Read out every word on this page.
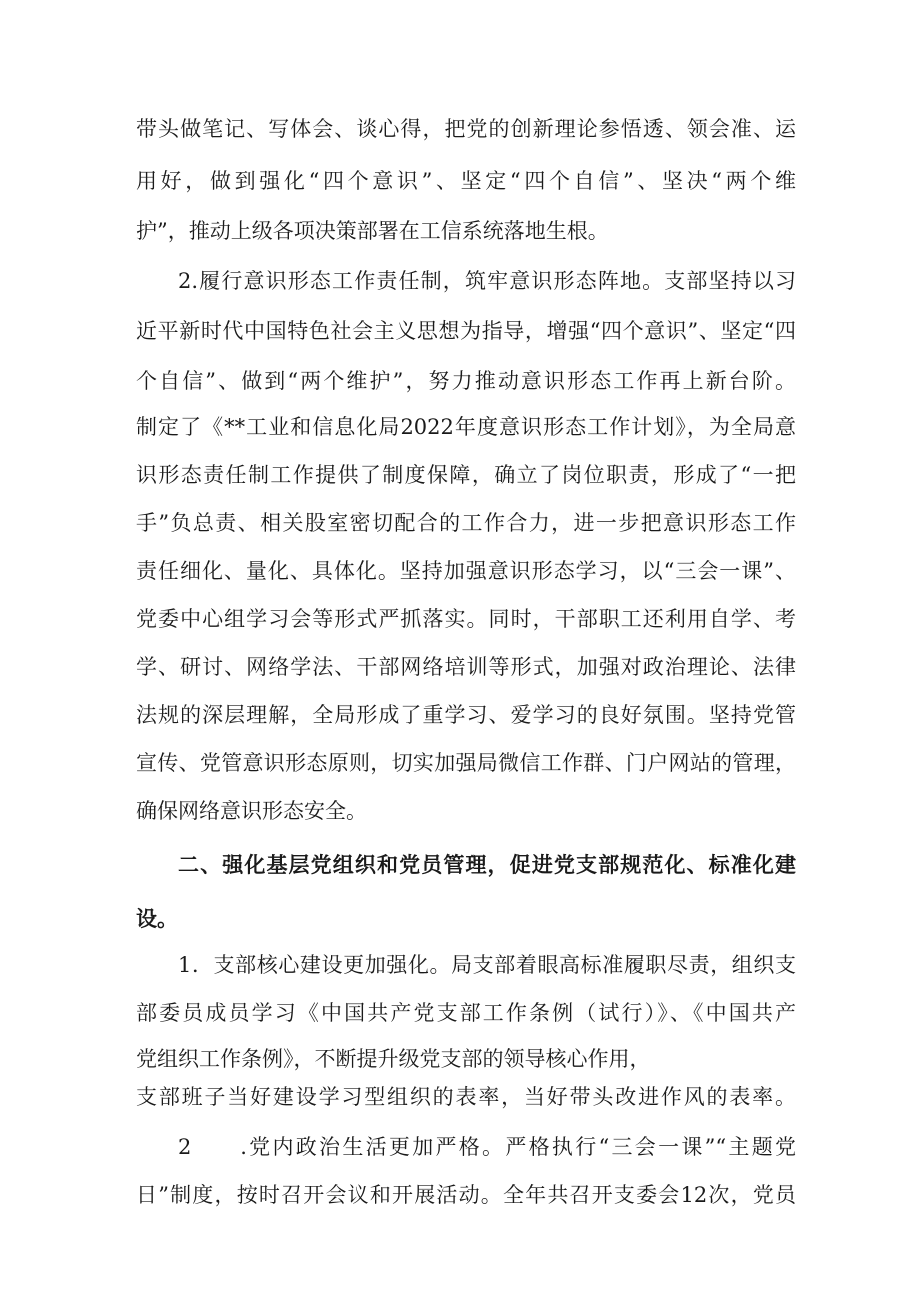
带头做笔记、写体会、谈心得，把党的创新理论参悟透、领会准、运
用好，做到强化“四个意识”、坚定“四个自信”、坚决“两个维
护”，推动上级各项决策部署在工信系统落地生根。
2.履行意识形态工作责任制，筑牢意识形态阵地。支部坚持以习
近平新时代中国特色社会主义思想为指导，增强“四个意识”、坚定“四
个自信”、做到“两个维护”，努力推动意识形态工作再上新台阶。
制定了《**工业和信息化局2022年度意识形态工作计划》，为全局意
识形态责任制工作提供了制度保障，确立了岗位职责，形成了“一把
手”负总责、相关股室密切配合的工作合力，进一步把意识形态工作
责任细化、量化、具体化。坚持加强意识形态学习，以“三会一课”、
党委中心组学习会等形式严抓落实。同时，干部职工还利用自学、考
学、研讨、网络学法、干部网络培训等形式，加强对政治理论、法律
法规的深层理解，全局形成了重学习、爱学习的良好氛围。坚持党管
宣传、党管意识形态原则，切实加强局微信工作群、门户网站的管理，
确保网络意识形态安全。
二、强化基层党组织和党员管理，促进党支部规范化、标准化建
设。
1．支部核心建设更加强化。局支部着眼高标准履职尽责，组织支
部委员成员学习《中国共产党支部工作条例（试行）》、《中国共产
党组织工作条例》，不断提升级党支部的领导核心作用，
支部班子当好建设学习型组织的表率，当好带头改进作风的表率。
2　　.党内政治生活更加严格。严格执行“三会一课”“主题党
日”制度，按时召开会议和开展活动。全年共召开支委会12次，党员
